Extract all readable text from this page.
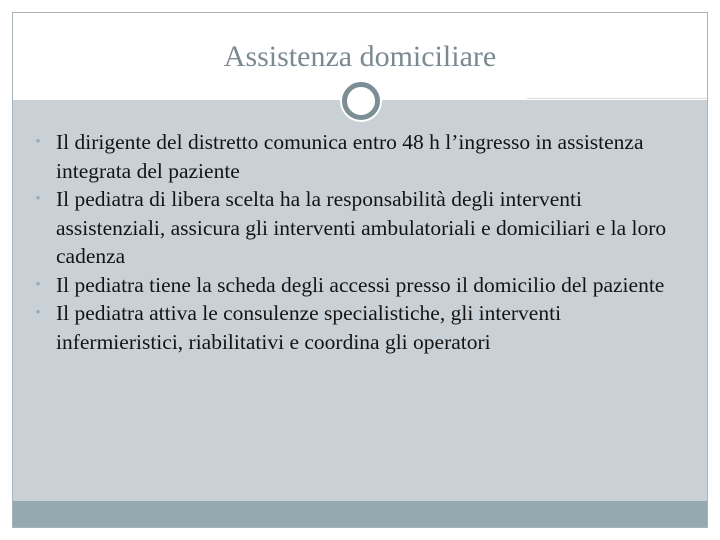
Assistenza domiciliare
• Il dirigente del distretto comunica entro 48 h l’ingresso in assistenza integrata del paziente
• Il pediatra di libera scelta ha la responsabilità degli interventi assistenziali, assicura gli interventi ambulatoriali e domiciliari e la loro cadenza
• Il pediatra tiene la scheda degli accessi presso il domicilio del paziente
• Il pediatra attiva le consulenze specialistiche, gli interventi infermieristici, riabilitativi e coordina gli operatori
